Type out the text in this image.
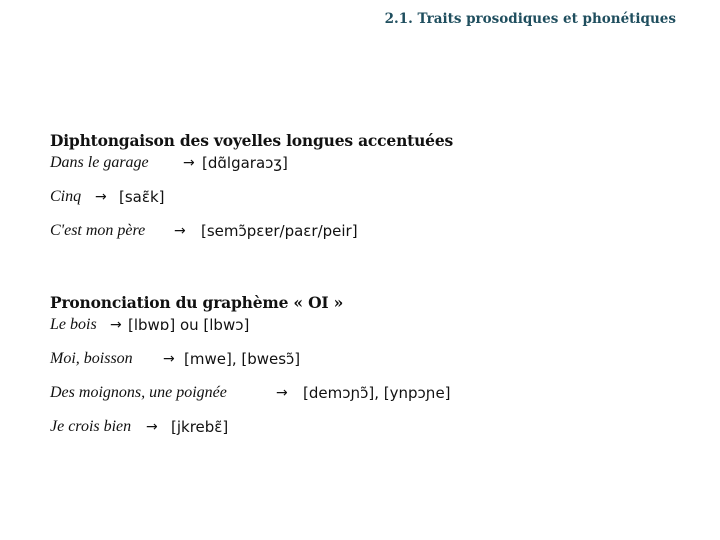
2.1. Traits prosodiques et phonétiques
Diphtongaison des voyelles longues accentuées
Dans le garage → [dɑ̃lgaraɔʒ]
Cinq → [saɛ̃k]
C'est mon père → [semɔ̃pɛɐr/paɛr/peir]
Prononciation du graphème « OI »
Le bois → [lbwɒ] ou [lbwɔ]
Moi, boisson → [mwe], [bwesɔ̃]
Des moignons, une poignée	→ [demɔɲɔ̃], [ynpɔɲe]
Je crois bien → [jkrebɛ̃]
